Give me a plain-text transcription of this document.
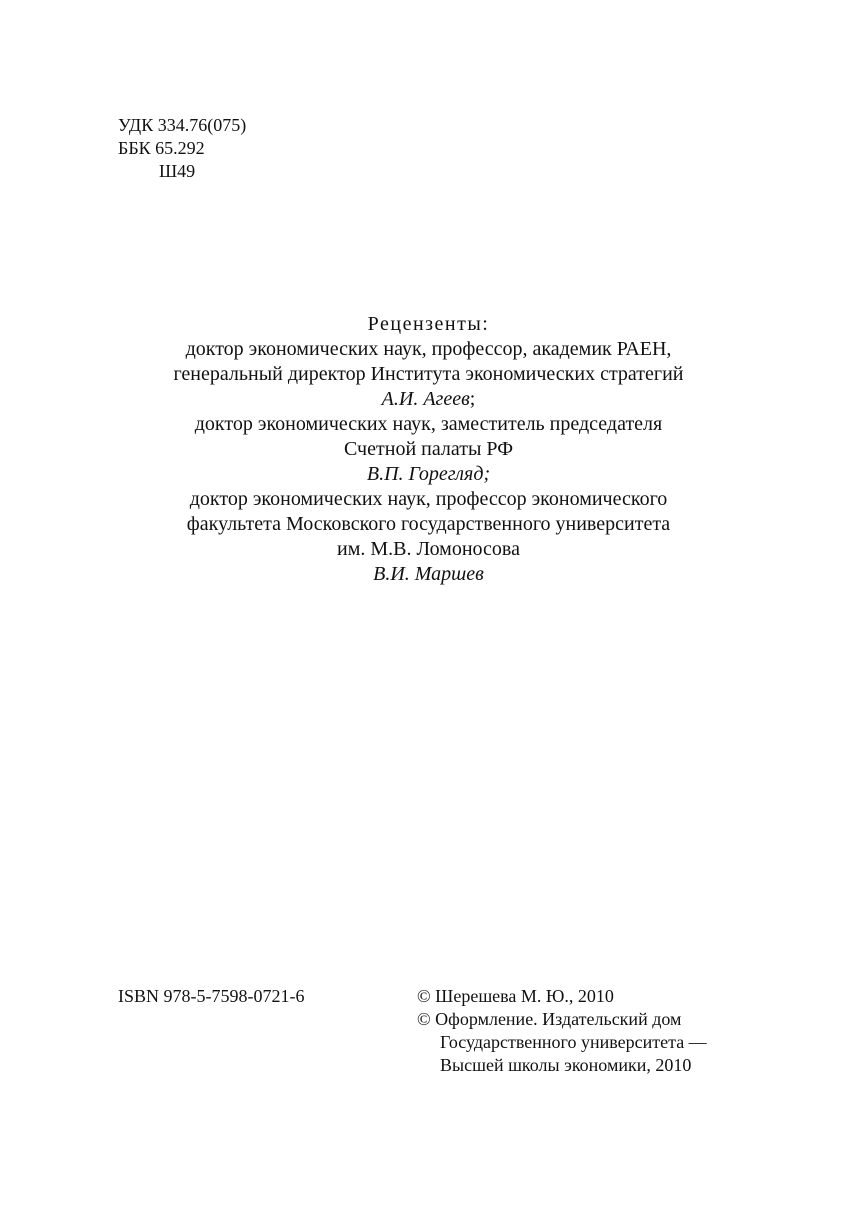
УДК 334.76(075)
ББК 65.292
Ш49
Рецензенты:
доктор экономических наук, профессор, академик РАЕН,
генеральный директор Института экономических стратегий
А.И. Агеев;
доктор экономических наук, заместитель председателя
Счетной палаты РФ
В.П. Горегляд;
доктор экономических наук, профессор экономического
факультета Московского государственного университета
им. М.В. Ломоносова
В.И. Маршев
ISBN 978-5-7598-0721-6	© Шерешева М. Ю., 2010
© Оформление. Издательский дом
Государственного университета —
Высшей школы экономики, 2010
